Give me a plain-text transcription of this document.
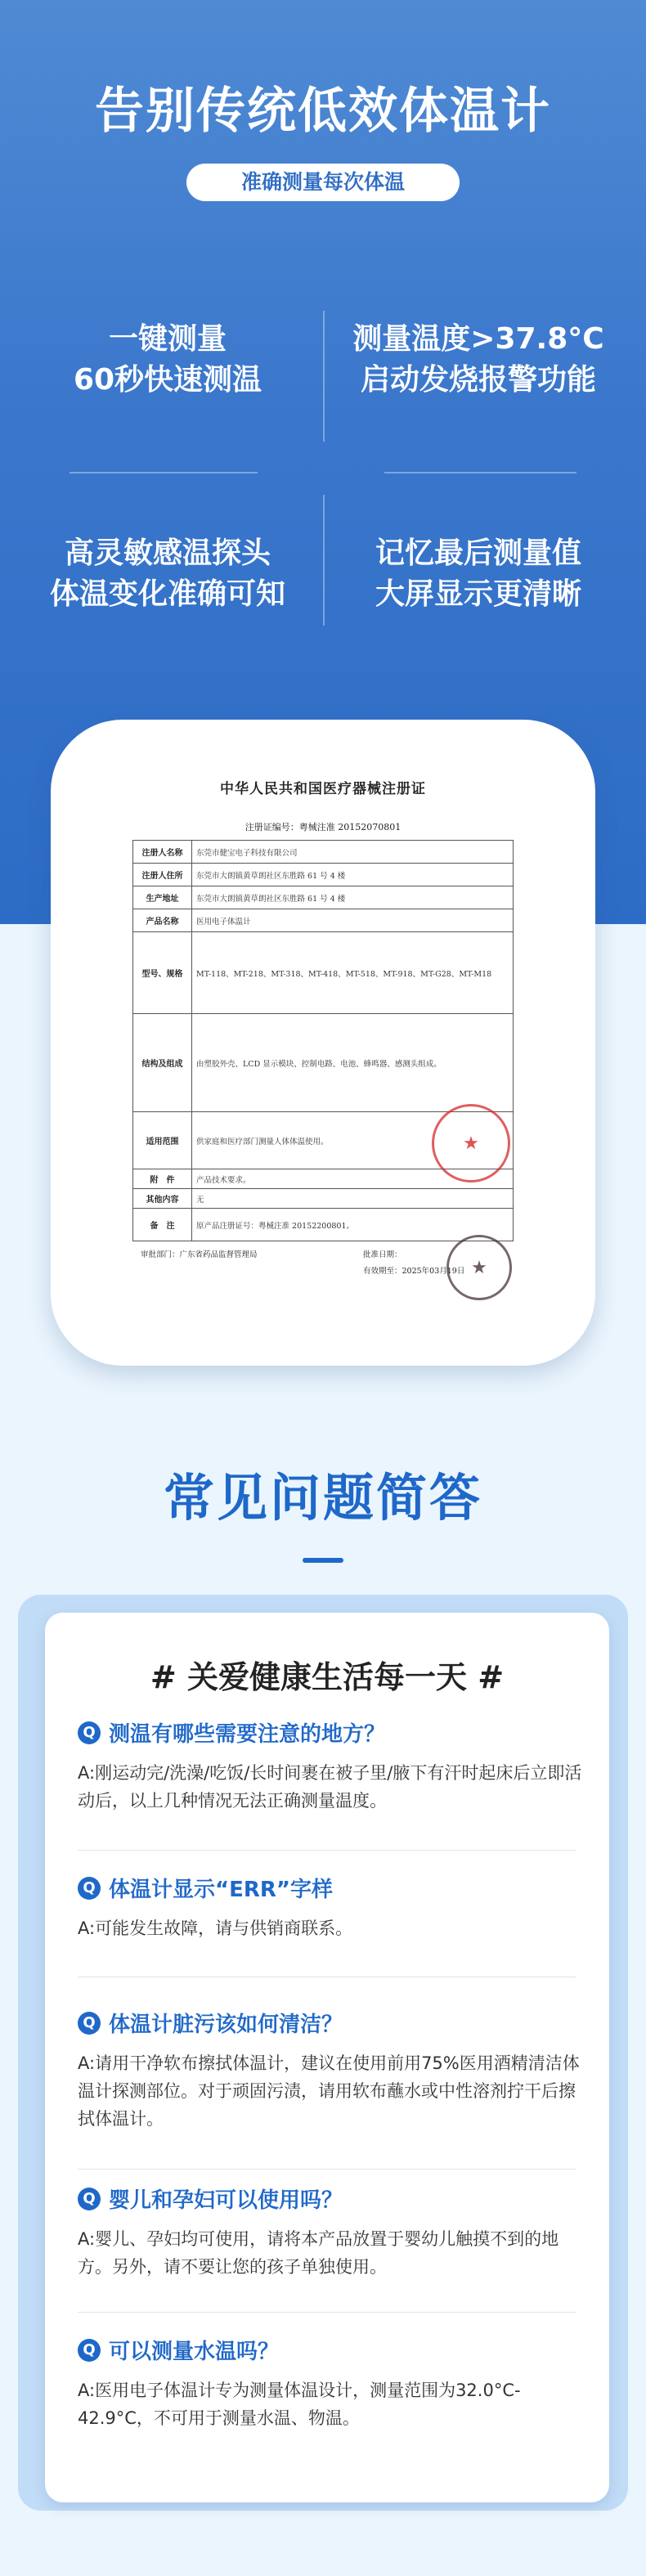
告别传统低效体温计
准确测量每次体温
一键测量
60秒快速测温
测量温度>37.8°C
启动发烧报警功能
高灵敏感温探头
体温变化准确可知
记忆最后测量值
大屏显示更清晰
中华人民共和国医疗器械注册证
注册证编号：粤械注准 20152070801
注册人名称	东莞市健宝电子科技有限公司
注册人住所	东莞市大朗镇黄草朗社区东胜路 61 号 4 楼
生产地址	东莞市大朗镇黄草朗社区东胜路 61 号 4 楼
产品名称	医用电子体温计
型号、规格	MT-118、MT-218、MT-318、MT-418、MT-518、MT-918、MT-G28、MT-M18
结构及组成	由塑胶外壳、LCD 显示模块、控制电路、电池、蜂鸣器、感测头组成。
适用范围	供家庭和医疗部门测量人体体温使用。
附　件	产品技术要求。
其他内容	无
备　注	原产品注册证号：粤械注准 20152200801。
审批部门：广东省药品监督管理局	批准日期：
有效期至：2025年03月19日
★
★
常见问题简答
# 关爱健康生活每一天 #
Q 测温有哪些需要注意的地方？
A:刚运动完/洗澡/吃饭/长时间裹在被子里/腋下有汗时起床后立即活动后，以上几种情况无法正确测量温度。
Q 体温计显示“ERR”字样
A:可能发生故障，请与供销商联系。
Q 体温计脏污该如何清洁？
A:请用干净软布擦拭体温计，建议在使用前用75%医用酒精清洁体温计探测部位。对于顽固污渍，请用软布蘸水或中性溶剂拧干后擦拭体温计。
Q 婴儿和孕妇可以使用吗？
A:婴儿、孕妇均可使用，请将本产品放置于婴幼儿触摸不到的地方。另外，请不要让您的孩子单独使用。
Q 可以测量水温吗？
A:医用电子体温计专为测量体温设计，测量范围为32.0°C-42.9°C，不可用于测量水温、物温。
